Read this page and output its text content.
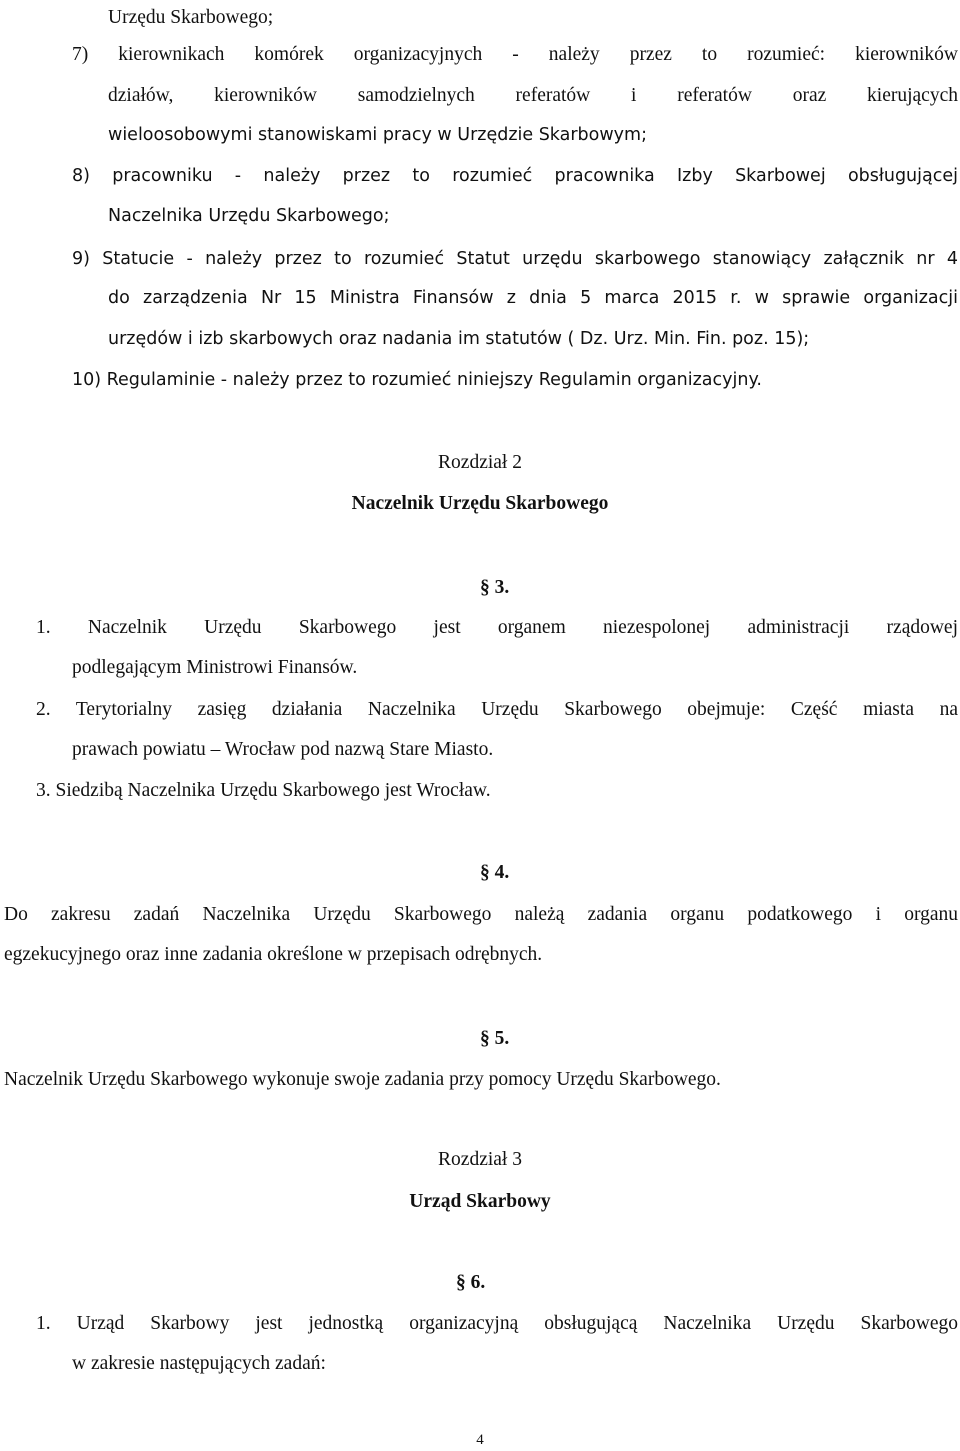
Urzędu Skarbowego;
7) kierownikach komórek organizacyjnych - należy przez to rozumieć: kierowników
działów, kierowników samodzielnych referatów i referatów oraz kierujących
wieloosobowymi stanowiskami pracy w Urzędzie Skarbowym;
8) pracowniku - należy przez to rozumieć pracownika Izby Skarbowej obsługującej
Naczelnika Urzędu Skarbowego;
9) Statucie - należy przez to rozumieć Statut urzędu skarbowego stanowiący załącznik nr 4
do zarządzenia Nr 15 Ministra Finansów z dnia 5 marca 2015 r. w sprawie organizacji
urzędów i izb skarbowych oraz nadania im statutów ( Dz. Urz. Min. Fin. poz. 15);
10) Regulaminie - należy przez to rozumieć niniejszy Regulamin organizacyjny.
Rozdział 2
Naczelnik Urzędu Skarbowego
§ 3.
1. Naczelnik Urzędu Skarbowego jest organem niezespolonej administracji rządowej
podlegającym Ministrowi Finansów.
2. Terytorialny zasięg działania Naczelnika Urzędu Skarbowego obejmuje: Część miasta na
prawach powiatu – Wrocław pod nazwą Stare Miasto.
3. Siedzibą Naczelnika Urzędu Skarbowego jest Wrocław.
§ 4.
Do zakresu zadań Naczelnika Urzędu Skarbowego należą zadania organu podatkowego i organu
egzekucyjnego oraz inne zadania określone w przepisach odrębnych.
§ 5.
Naczelnik Urzędu Skarbowego wykonuje swoje zadania przy pomocy Urzędu Skarbowego.
Rozdział 3
Urząd Skarbowy
§ 6.
1. Urząd Skarbowy jest jednostką organizacyjną obsługującą Naczelnika Urzędu Skarbowego
w zakresie następujących zadań:
4
